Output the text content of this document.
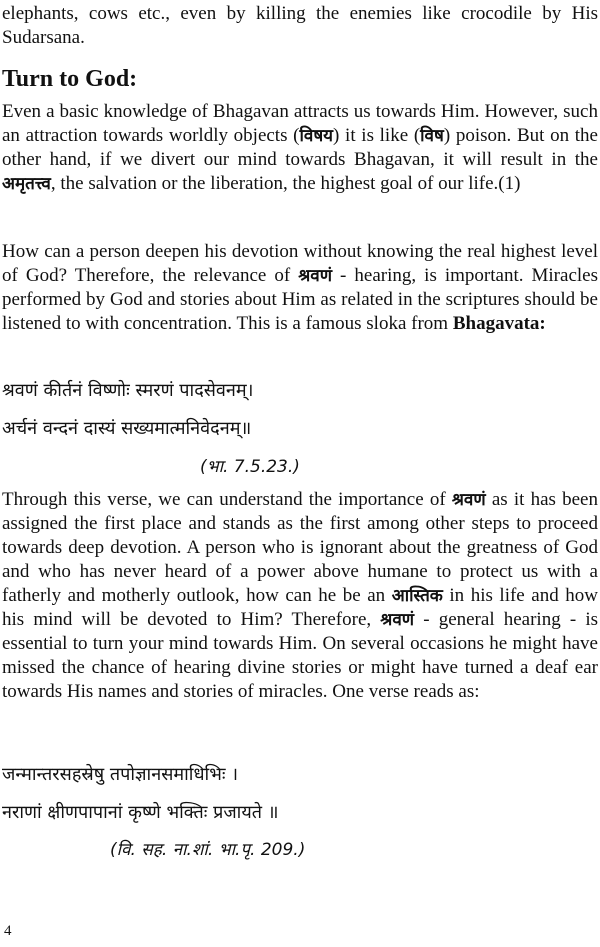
elephants, cows etc., even by killing the enemies like crocodile by His Sudarsana.

Turn to God:

Even a basic knowledge of Bhagavan attracts us towards Him. However, such an attraction towards worldly objects (विषय) it is like (विष) poison. But on the other hand, if we divert our mind towards Bhagavan, it will result in the अमृतत्त्व, the salvation or the liberation, the highest goal of our life.(1)

How can a person deepen his devotion without knowing the real highest level of God? Therefore, the relevance of श्रवणं - hearing, is important. Miracles performed by God and stories about Him as related in the scriptures should be listened to with concentration. This is a famous sloka from Bhagavata:

श्रवणं कीर्तनं विष्णोः स्मरणं पादसेवनम्।

अर्चनं वन्दनं दास्यं सख्यमात्मनिवेदनम्॥

(भा. 7.5.23.)

Through this verse, we can understand the importance of श्रवणं as it has been assigned the first place and stands as the first among other steps to proceed towards deep devotion. A person who is ignorant about the greatness of God and who has never heard of a power above humane to protect us with a fatherly and motherly outlook, how can he be an आस्तिक in his life and how his mind will be devoted to Him? Therefore, श्रवणं - general hearing - is essential to turn your mind towards Him. On several occasions he might have missed the chance of hearing divine stories or might have turned a deaf ear towards His names and stories of miracles. One verse reads as:

जन्मान्तरसहस्रेषु तपोज्ञानसमाधिभिः ।

नराणां क्षीणपापानां कृष्णे भक्तिः प्रजायते ॥

(वि. सह. ना.शां. भा.पृ. 209.)

4
